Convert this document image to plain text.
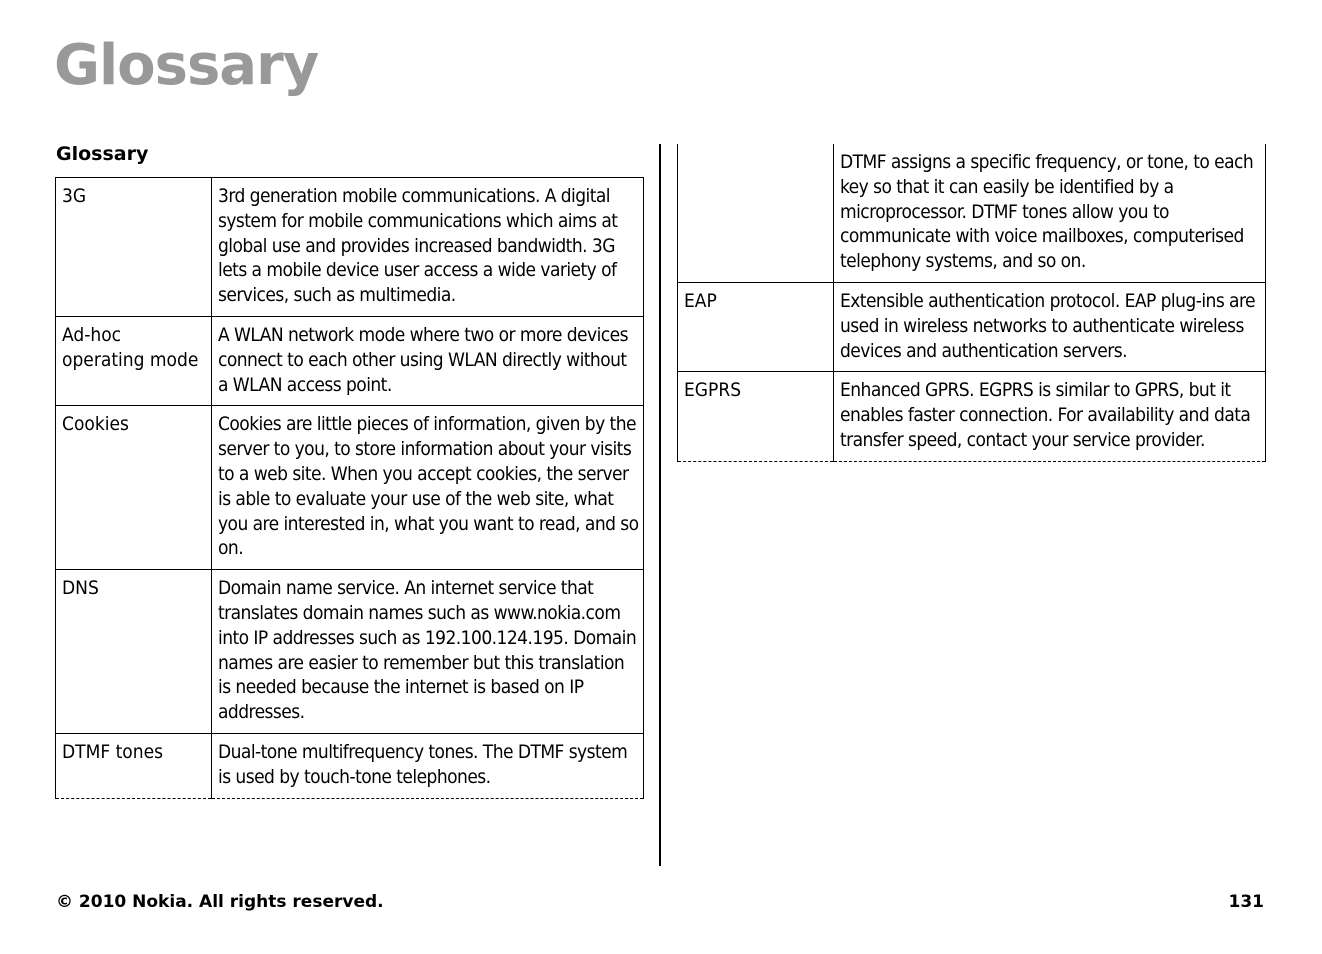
Glossary
Glossary
3G	3rd generation mobile communications. A digital system for mobile communications which aims at global use and provides increased bandwidth. 3G lets a mobile device user access a wide variety of services, such as multimedia.
Ad-hoc operating mode	A WLAN network mode where two or more devices connect to each other using WLAN directly without a WLAN access point.
Cookies	Cookies are little pieces of information, given by the server to you, to store information about your visits to a web site. When you accept cookies, the server is able to evaluate your use of the web site, what you are interested in, what you want to read, and so on.
DNS	Domain name service. An internet service that translates domain names such as www.nokia.com into IP addresses such as 192.100.124.195. Domain names are easier to remember but this translation is needed because the internet is based on IP addresses.
DTMF tones	Dual-tone multifrequency tones. The DTMF system is used by touch-tone telephones.
	DTMF assigns a specific frequency, or tone, to each key so that it can easily be identified by a microprocessor. DTMF tones allow you to communicate with voice mailboxes, computerised telephony systems, and so on.
EAP	Extensible authentication protocol. EAP plug-ins are used in wireless networks to authenticate wireless devices and authentication servers.
EGPRS	Enhanced GPRS. EGPRS is similar to GPRS, but it enables faster connection. For availability and data transfer speed, contact your service provider.
© 2010 Nokia. All rights reserved.	131
